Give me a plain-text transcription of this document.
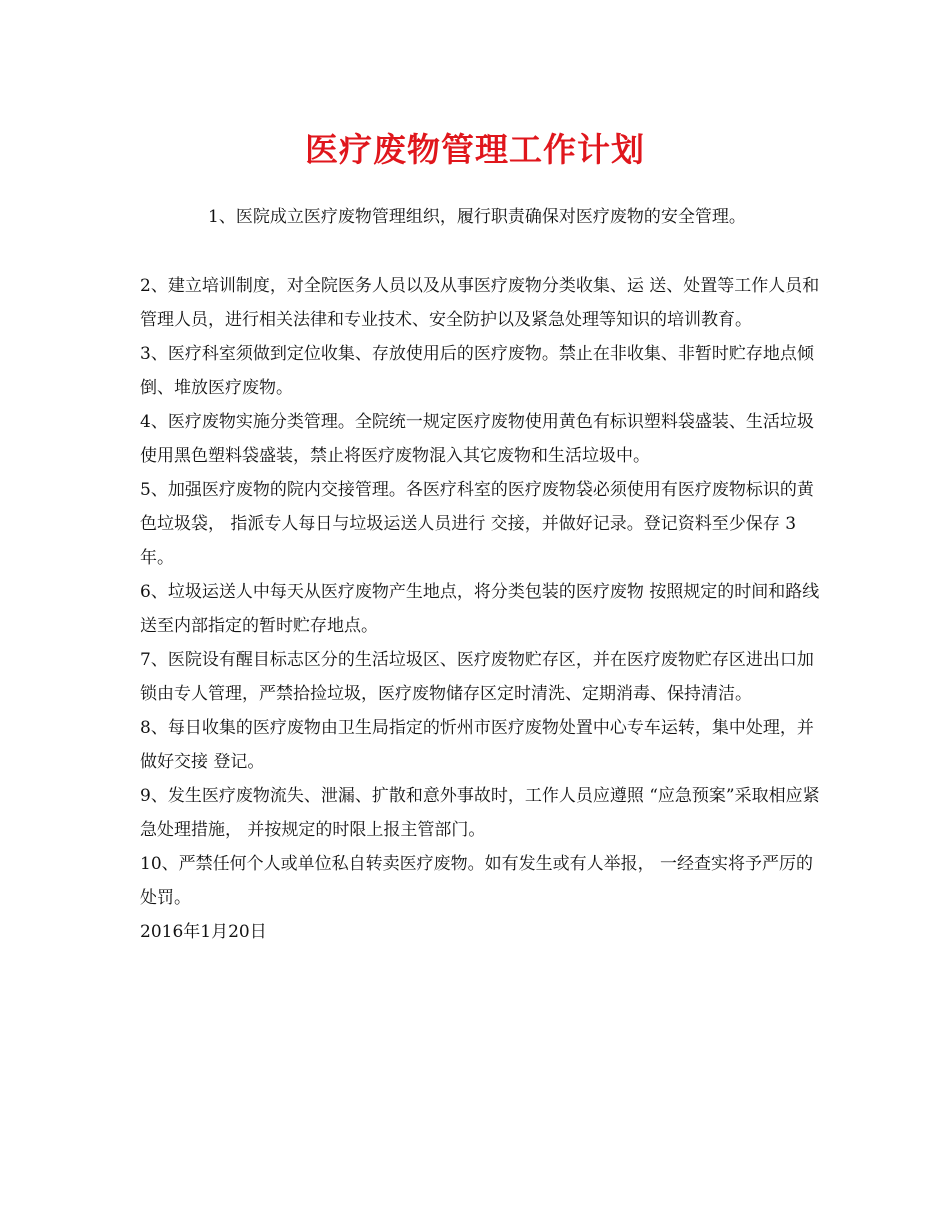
医疗废物管理工作计划

1、医院成立医疗废物管理组织，履行职责确保对医疗废物的安全管理。

2、建立培训制度，对全院医务人员以及从事医疗废物分类收集、运 送、处置等工作人员和管理人员，进行相关法律和专业技术、安全防护以及紧急处理等知识的培训教育。

3、医疗科室须做到定位收集、存放使用后的医疗废物。禁止在非收集、非暂时贮存地点倾倒、堆放医疗废物。

4、医疗废物实施分类管理。全院统一规定医疗废物使用黄色有标识塑料袋盛装、生活垃圾使用黑色塑料袋盛装，禁止将医疗废物混入其它废物和生活垃圾中。

5、加强医疗废物的院内交接管理。各医疗科室的医疗废物袋必须使用有医疗废物标识的黄色垃圾袋， 指派专人每日与垃圾运送人员进行 交接，并做好记录。登记资料至少保存 3 年。

6、垃圾运送人中每天从医疗废物产生地点，将分类包装的医疗废物 按照规定的时间和路线送至内部指定的暂时贮存地点。

7、医院设有醒目标志区分的生活垃圾区、医疗废物贮存区，并在医疗废物贮存区进出口加锁由专人管理，严禁拾捡垃圾，医疗废物储存区定时清洗、定期消毒、保持清洁。

8、每日收集的医疗废物由卫生局指定的忻州市医疗废物处置中心专车运转，集中处理，并做好交接 登记。

9、发生医疗废物流失、泄漏、扩散和意外事故时，工作人员应遵照 “应急预案”采取相应紧急处理措施， 并按规定的时限上报主管部门。

10、严禁任何个人或单位私自转卖医疗废物。如有发生或有人举报， 一经查实将予严厉的处罚。

2016年1月20日
